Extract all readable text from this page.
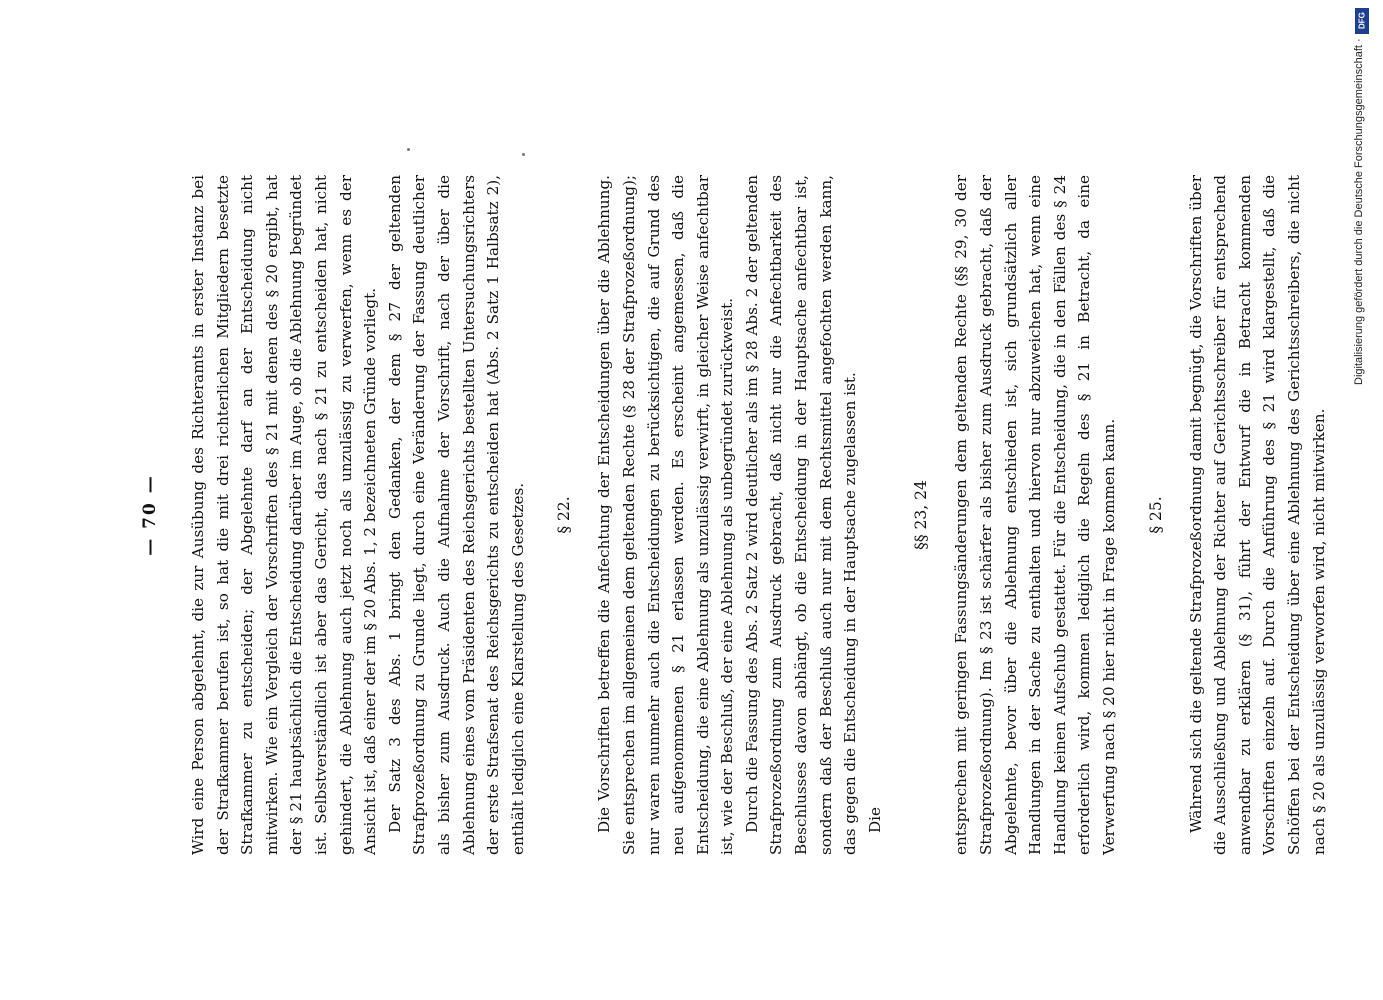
— 70 — Wird eine Person abgelehnt, die zur Ausübung des Richteramts in erster Instanz bei der Strafkammer berufen ist, so hat die mit drei richterlichen Mitgliedern besetzte Strafkammer zu entscheiden; der Abgelehnte darf an der Entscheidung nicht mitwirken. Wie ein Vergleich der Vorschriften des § 21 mit denen des § 20 ergibt, hat der § 21 hauptsächlich die Entscheidung darüber im Auge, ob die Ablehnung begründet ist. Selbstverständlich ist aber das Gericht, das nach § 21 zu entscheiden hat, nicht gehindert, die Ablehnung auch jetzt noch als unzulässig zu verwerfen, wenn es der Ansicht ist, daß einer der im § 20 Abs. 1, 2 bezeichneten Gründe vorliegt. Der Satz 3 des Abs. 1 bringt den Gedanken, der dem § 27 der geltenden Strafprozeßordnung zu Grunde liegt, durch eine Veränderung der Fassung deutlicher als bisher zum Ausdruck. Auch die Aufnahme der Vorschrift, nach der über die Ablehnung eines vom Präsidenten des Reichsgerichts bestellten Untersuchungsrichters der erste Strafsenat des Reichsgerichts zu entscheiden hat (Abs. 2 Satz 1 Halbsatz 2), enthält lediglich eine Klarstellung des Gesetzes. § 22. Die Vorschriften betreffen die Anfechtung der Entscheidungen über die Ablehnung. Sie entsprechen im allgemeinen dem geltenden Rechte (§ 28 der Strafprozeßordnung); nur waren nunmehr auch die Entscheidungen zu berücksichtigen, die auf Grund des neu aufgenommenen § 21 erlassen werden. Es erscheint angemessen, daß die Entscheidung, die eine Ablehnung als unzulässig verwirft, in gleicher Weise anfechtbar ist, wie der Beschluß, der eine Ablehnung als unbegründet zurückweist. Durch die Fassung des Abs. 2 Satz 2 wird deutlicher als im § 28 Abs. 2 der geltenden Strafprozeßordnung zum Ausdruck gebracht, daß nicht nur die Anfechtbarkeit des Beschlusses davon abhängt, ob die Entscheidung in der Hauptsache anfechtbar ist, sondern daß der Beschluß auch nur mit dem Rechtsmittel angefochten werden kann, das gegen die Entscheidung in der Hauptsache zugelassen ist. Die
§§ 23, 24 entsprechen mit geringen Fassungsänderungen dem geltenden Rechte (§§ 29, 30 der Strafprozeßordnung). Im § 23 ist schärfer als bisher zum Ausdruck gebracht, daß der Abgelehnte, bevor über die Ablehnung entschieden ist, sich grundsätzlich aller Handlungen in der Sache zu enthalten und hiervon nur abzuweichen hat, wenn eine Handlung keinen Aufschub gestattet. Für die Entscheidung, die in den Fällen des § 24 erforderlich wird, kommen lediglich die Regeln des § 21 in Betracht, da eine Verwerfung nach § 20 hier nicht in Frage kommen kann. § 25. Während sich die geltende Strafprozeßordnung damit begnügt, die Vorschriften über die Ausschließung und Ablehnung der Richter auf Gerichtsschreiber für entsprechend anwendbar zu erklären (§ 31), führt der Entwurf die in Betracht kommenden Vorschriften einzeln auf. Durch die Anführung des § 21 wird klargestellt, daß die Schöffen bei der Entscheidung über eine Ablehnung des Gerichtsschreibers, die nicht nach § 20 als unzulässig verworfen wird, nicht mitwirken.

DFG
Digitalisierung gefördert durch die Deutsche Forschungsgemeinschaft ·
